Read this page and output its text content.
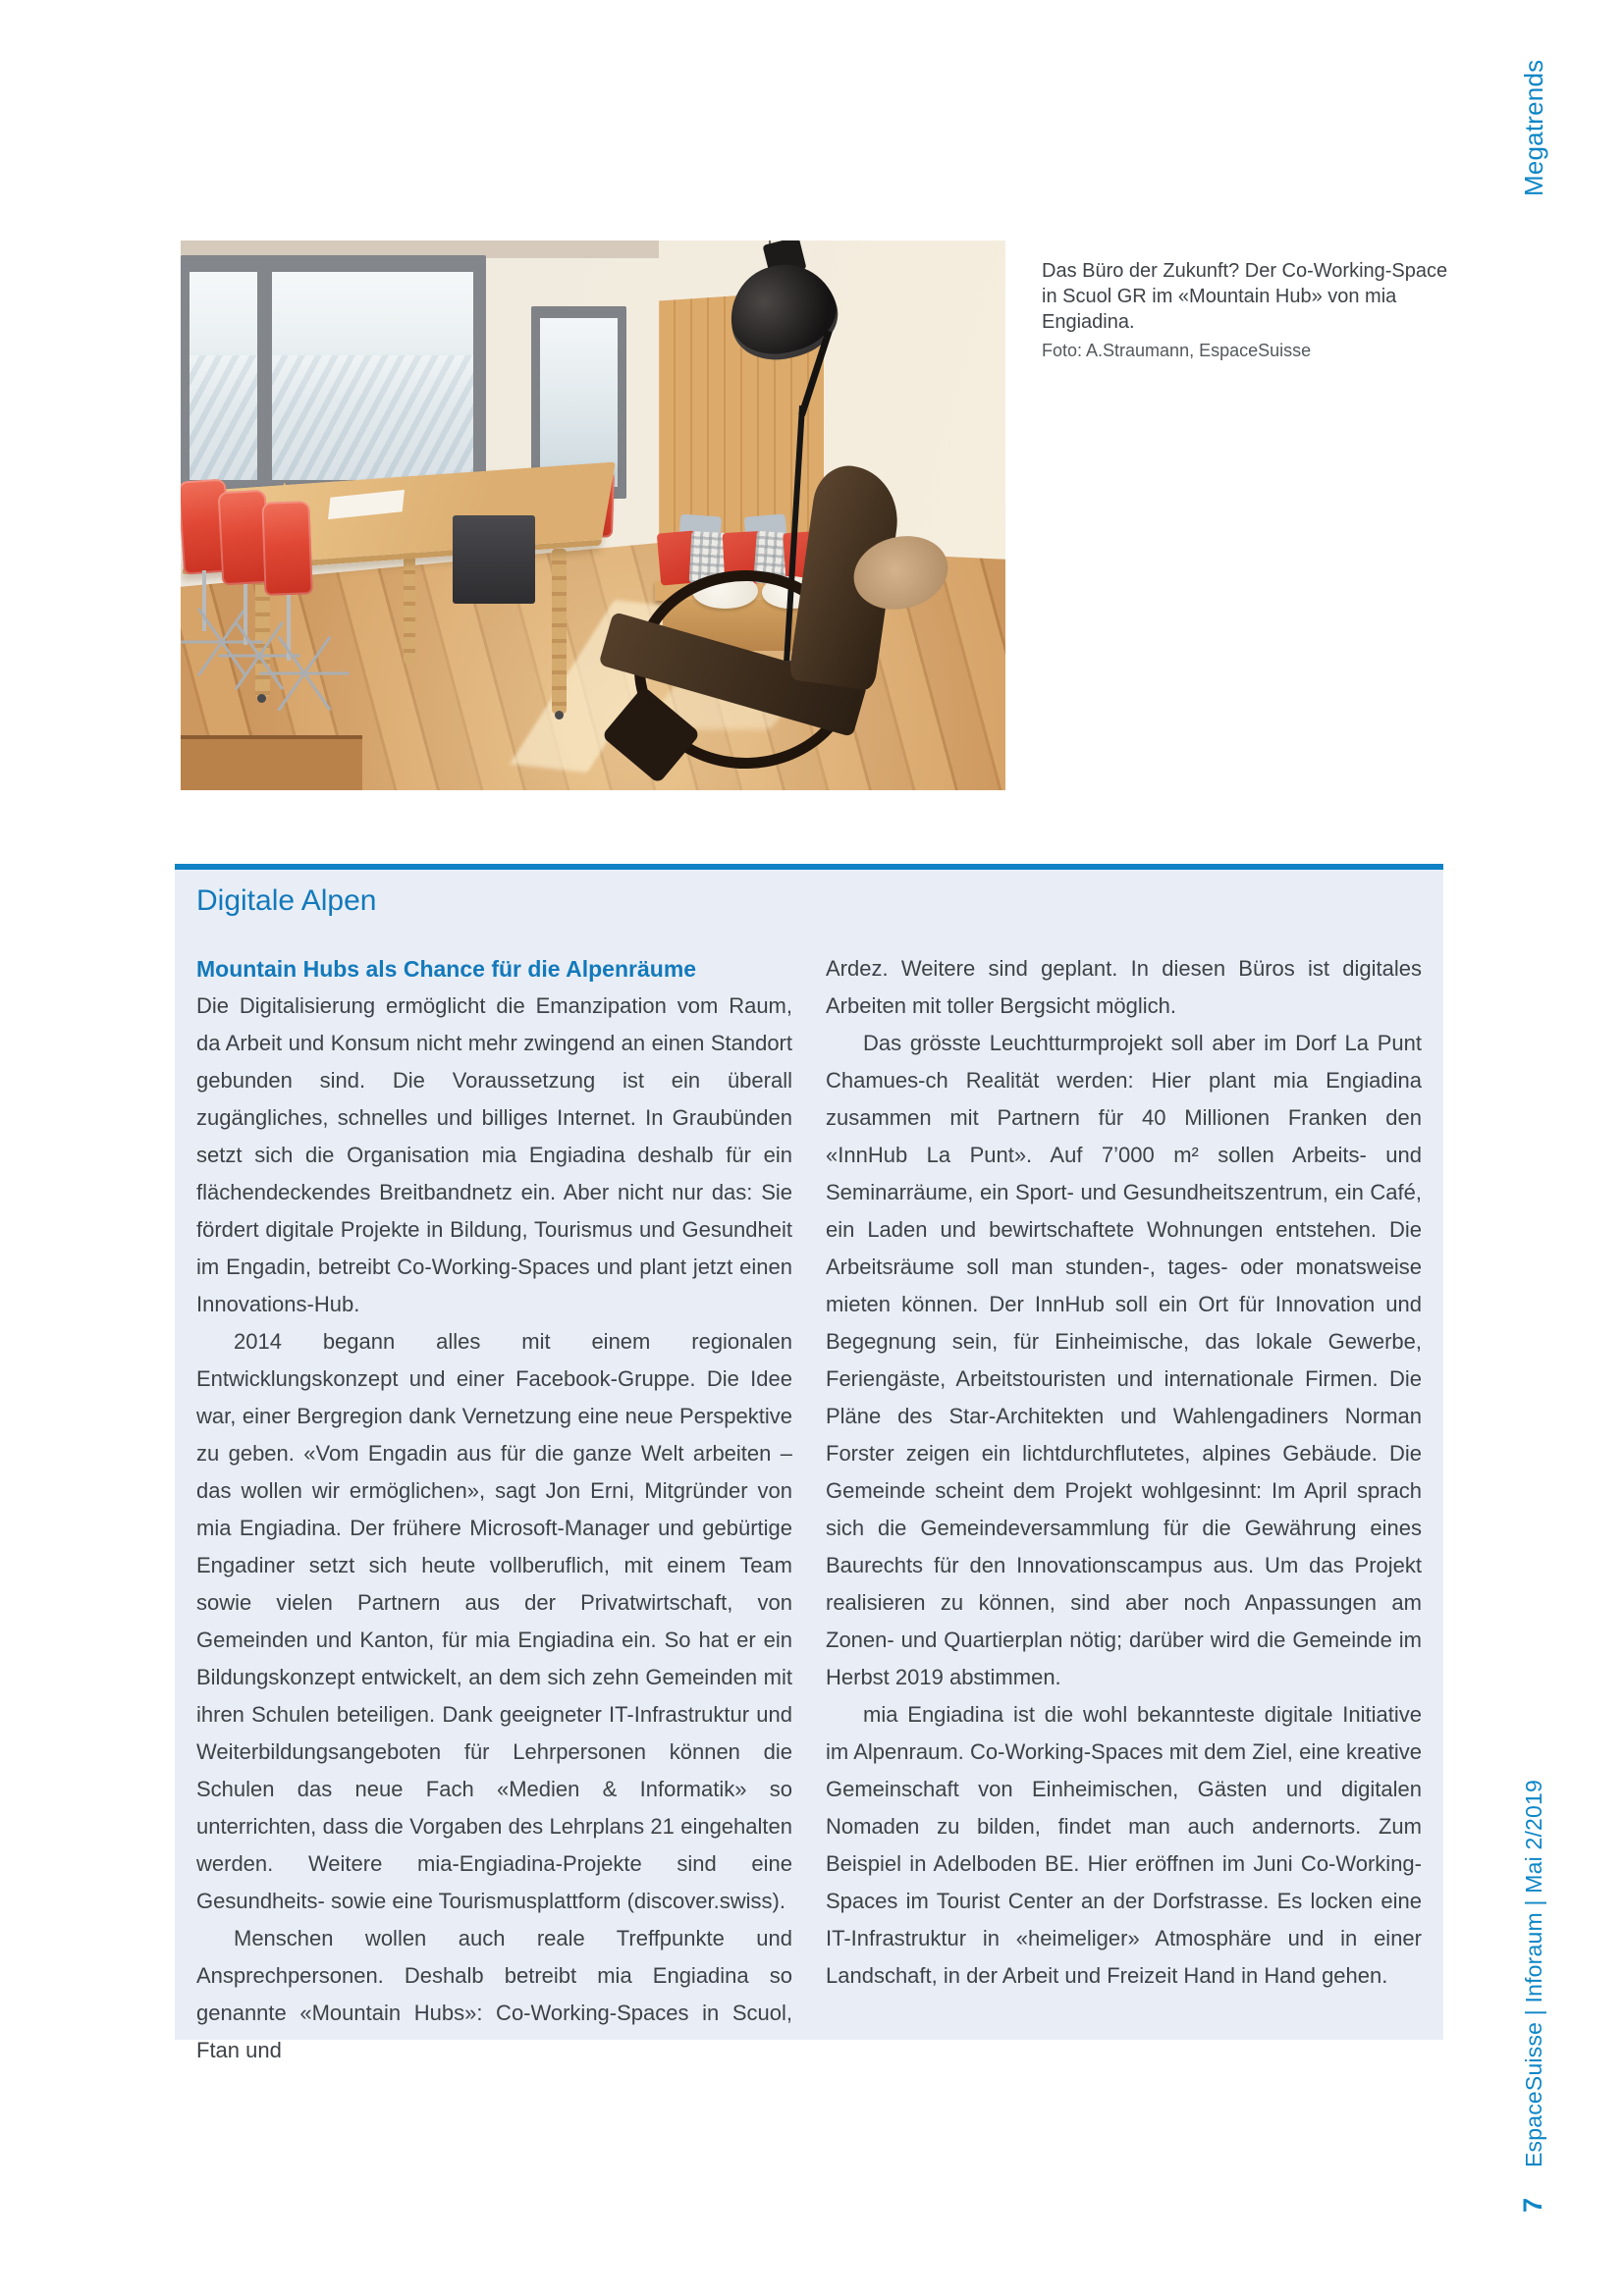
Megatrends
EspaceSuisse | Inforaum | Mai 2/2019
7
Das Büro der Zukunft? Der Co-Working-Space
in Scuol GR im «Mountain Hub» von mia Engiadina.
Foto: A.Straumann, EspaceSuisse
Digitale Alpen
Mountain Hubs als Chance für die Alpenräume

Die Digitalisierung ermöglicht die Emanzipation vom Raum, da Arbeit und Konsum nicht mehr zwingend an einen Standort gebunden sind. Die Voraussetzung ist ein überall zugängliches, schnelles und billiges Internet. In Graubünden setzt sich die Organisation mia Engiadina deshalb für ein flächendeckendes Breitbandnetz ein. Aber nicht nur das: Sie fördert digitale Projekte in Bildung, Tourismus und Gesundheit im Engadin, betreibt Co-Working-Spaces und plant jetzt einen Innovations-Hub.

2014 begann alles mit einem regionalen Entwicklungskonzept und einer Facebook-Gruppe. Die Idee war, einer Bergregion dank Vernetzung eine neue Perspektive zu geben. «Vom Engadin aus für die ganze Welt arbeiten – das wollen wir ermöglichen», sagt Jon Erni, Mitgründer von mia Engiadina. Der frühere Microsoft-Manager und gebürtige Engadiner setzt sich heute vollberuflich, mit einem Team sowie vielen Partnern aus der Privatwirtschaft, von Gemeinden und Kanton, für mia Engiadina ein. So hat er ein Bildungskonzept entwickelt, an dem sich zehn Gemeinden mit ihren Schulen beteiligen. Dank geeigneter IT-Infrastruktur und Weiterbildungsangeboten für Lehrpersonen können die Schulen das neue Fach «Medien & Informatik» so unterrichten, dass die Vorgaben des Lehrplans 21 eingehalten werden. Weitere mia-Engiadina-Projekte sind eine Gesundheits- sowie eine Tourismusplattform (discover.swiss).

Menschen wollen auch reale Treffpunkte und Ansprechpersonen. Deshalb betreibt mia Engiadina so genannte «Mountain Hubs»: Co-Working-Spaces in Scuol, Ftan und

Ardez. Weitere sind geplant. In diesen Büros ist digitales Arbeiten mit toller Bergsicht möglich.

Das grösste Leuchtturmprojekt soll aber im Dorf La Punt Chamues-ch Realität werden: Hier plant mia Engiadina zusammen mit Partnern für 40 Millionen Franken den «InnHub La Punt». Auf 7’000 m² sollen Arbeits- und Seminarräume, ein Sport- und Gesundheitszentrum, ein Café, ein Laden und bewirtschaftete Wohnungen entstehen. Die Arbeitsräume soll man stunden-, tages- oder monatsweise mieten können. Der InnHub soll ein Ort für Innovation und Begegnung sein, für Einheimische, das lokale Gewerbe, Feriengäste, Arbeitstouristen und internationale Firmen. Die Pläne des Star-Architekten und Wahlengadiners Norman Forster zeigen ein lichtdurchflutetes, alpines Gebäude. Die Gemeinde scheint dem Projekt wohlgesinnt: Im April sprach sich die Gemeindeversammlung für die Gewährung eines Baurechts für den Innovationscampus aus. Um das Projekt realisieren zu können, sind aber noch Anpassungen am Zonen- und Quartierplan nötig; darüber wird die Gemeinde im Herbst 2019 abstimmen.

mia Engiadina ist die wohl bekannteste digitale Initiative im Alpenraum. Co-Working-Spaces mit dem Ziel, eine kreative Gemeinschaft von Einheimischen, Gästen und digitalen Nomaden zu bilden, findet man auch andernorts. Zum Beispiel in Adelboden BE. Hier eröffnen im Juni Co-Working-Spaces im Tourist Center an der Dorfstrasse. Es locken eine IT-Infrastruktur in «heimeliger» Atmosphäre und in einer Landschaft, in der Arbeit und Freizeit Hand in Hand gehen.
